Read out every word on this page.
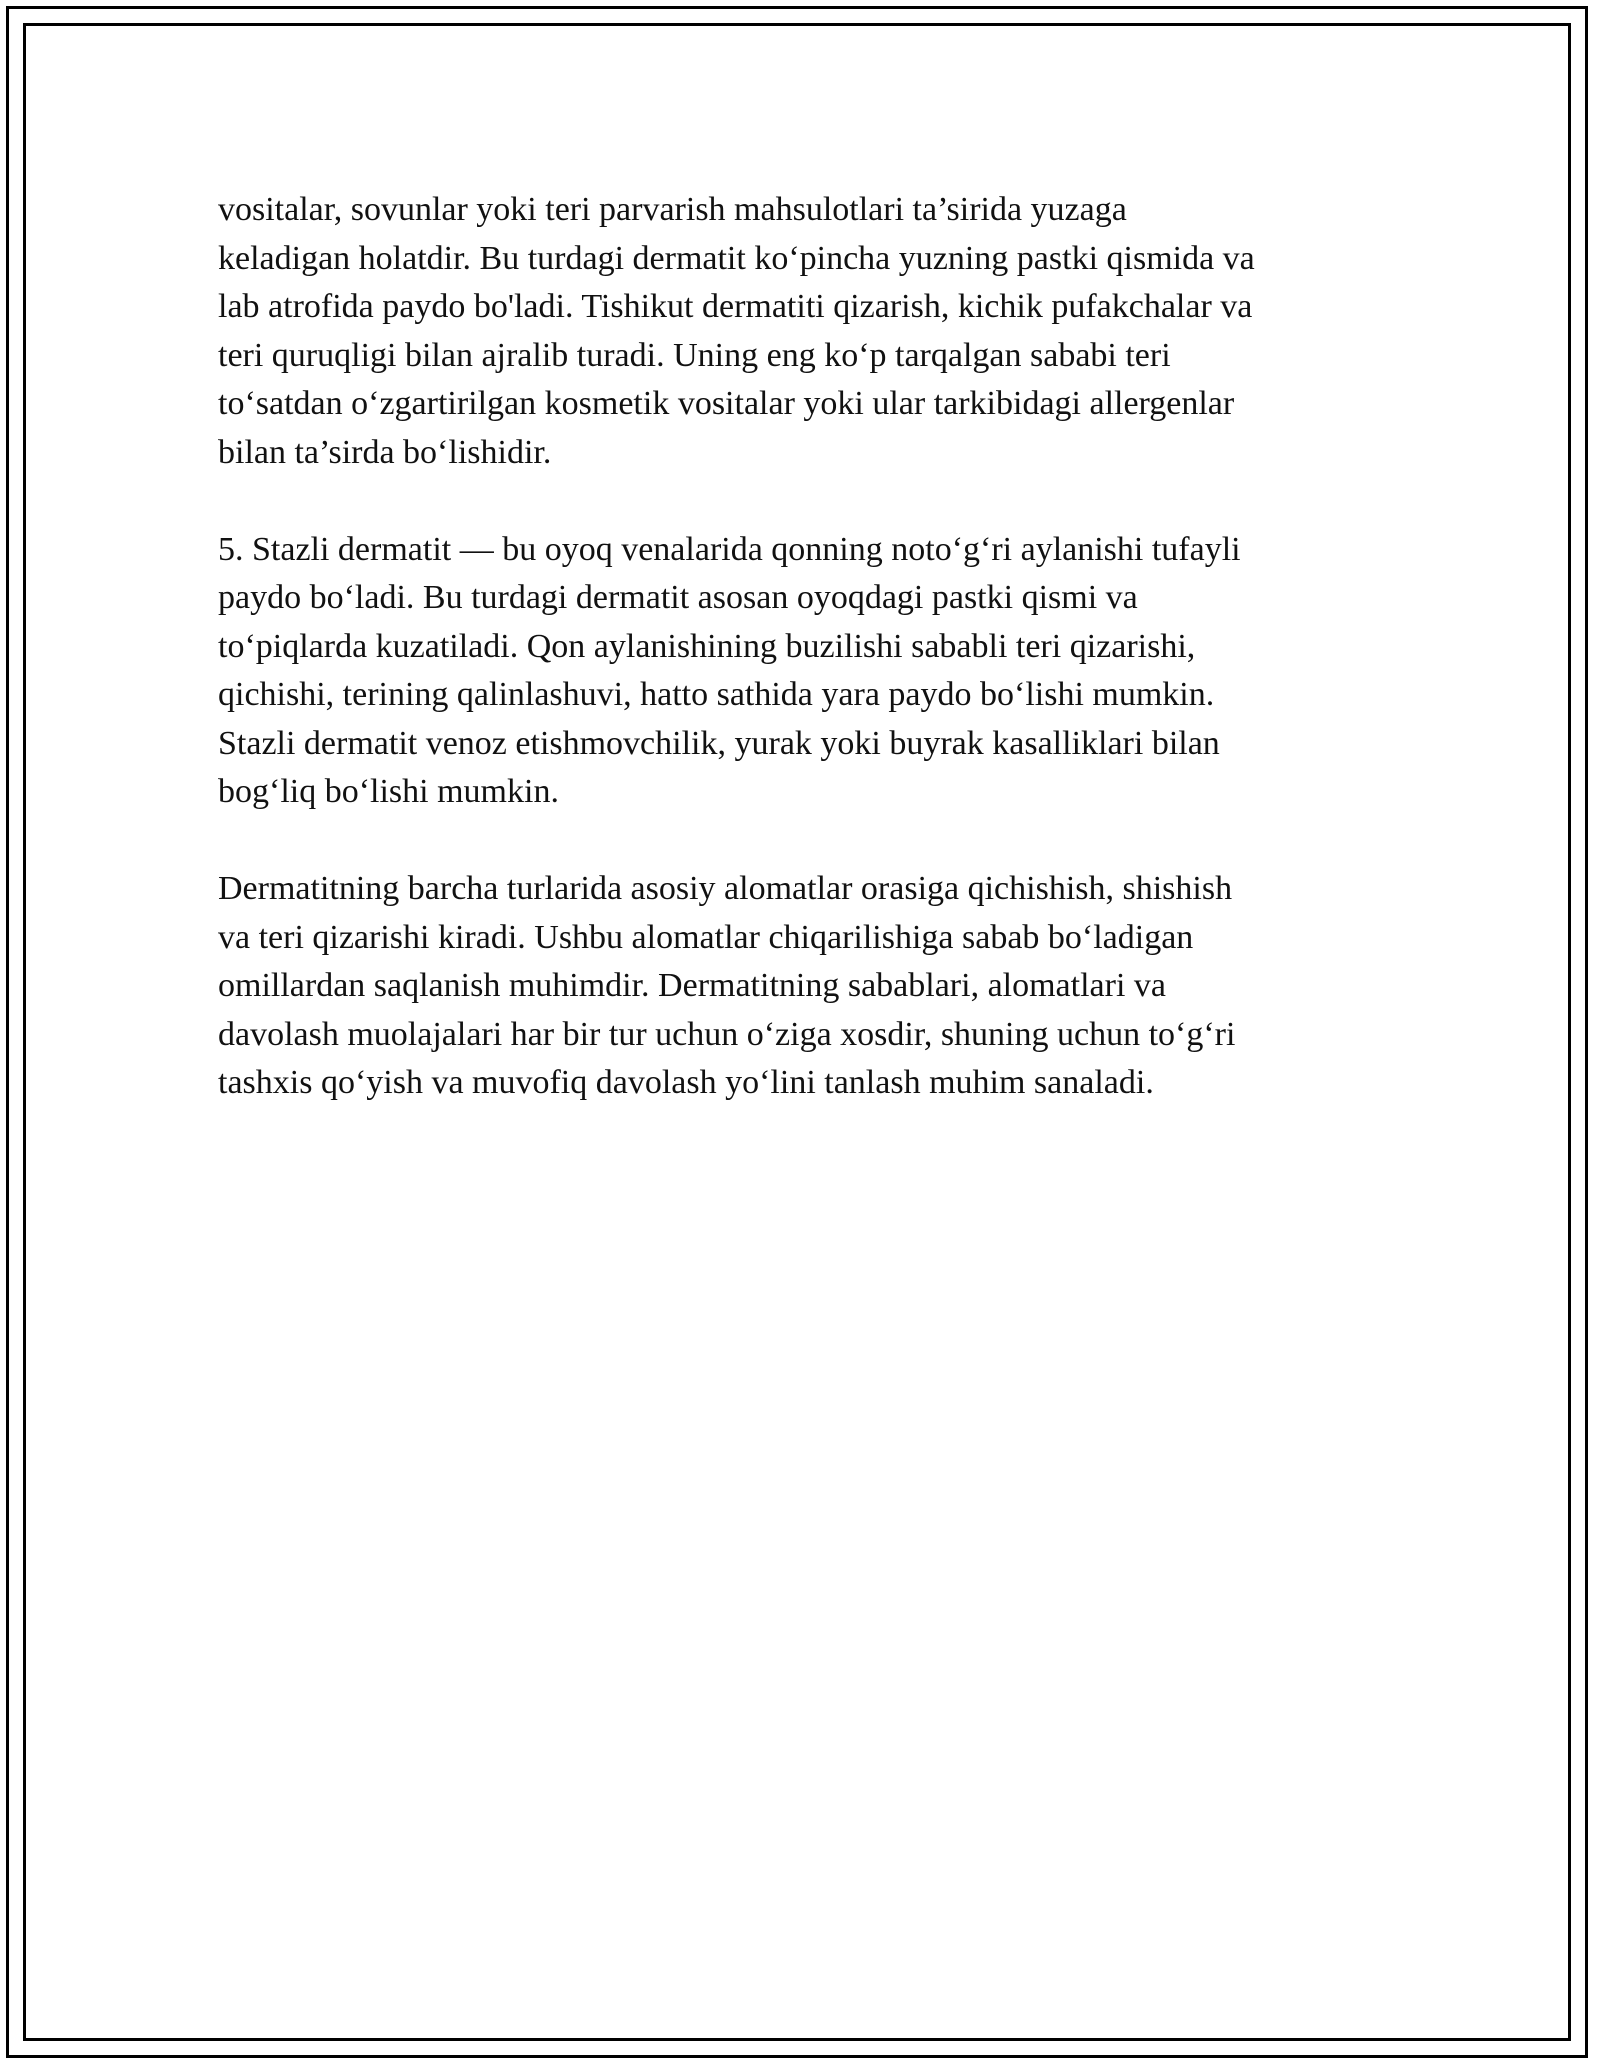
vositalar, sovunlar yoki teri parvarish mahsulotlari ta’sirida yuzaga
keladigan holatdir. Bu turdagi dermatit ko‘pincha yuzning pastki qismida va
lab atrofida paydo bo'ladi. Tishikut dermatiti qizarish, kichik pufakchalar va
teri quruqligi bilan ajralib turadi. Uning eng ko‘p tarqalgan sababi teri
to‘satdan o‘zgartirilgan kosmetik vositalar yoki ular tarkibidagi allergenlar
bilan ta’sirda bo‘lishidir.

5. Stazli dermatit — bu oyoq venalarida qonning noto‘g‘ri aylanishi tufayli
paydo bo‘ladi. Bu turdagi dermatit asosan oyoqdagi pastki qismi va
to‘piqlarda kuzatiladi. Qon aylanishining buzilishi sababli teri qizarishi,
qichishi, terining qalinlashuvi, hatto sathida yara paydo bo‘lishi mumkin.
Stazli dermatit venoz etishmovchilik, yurak yoki buyrak kasalliklari bilan
bog‘liq bo‘lishi mumkin.

Dermatitning barcha turlarida asosiy alomatlar orasiga qichishish, shishish
va teri qizarishi kiradi. Ushbu alomatlar chiqarilishiga sabab bo‘ladigan
omillardan saqlanish muhimdir. Dermatitning sabablari, alomatlari va
davolash muolajalari har bir tur uchun o‘ziga xosdir, shuning uchun to‘g‘ri
tashxis qo‘yish va muvofiq davolash yo‘lini tanlash muhim sanaladi.
